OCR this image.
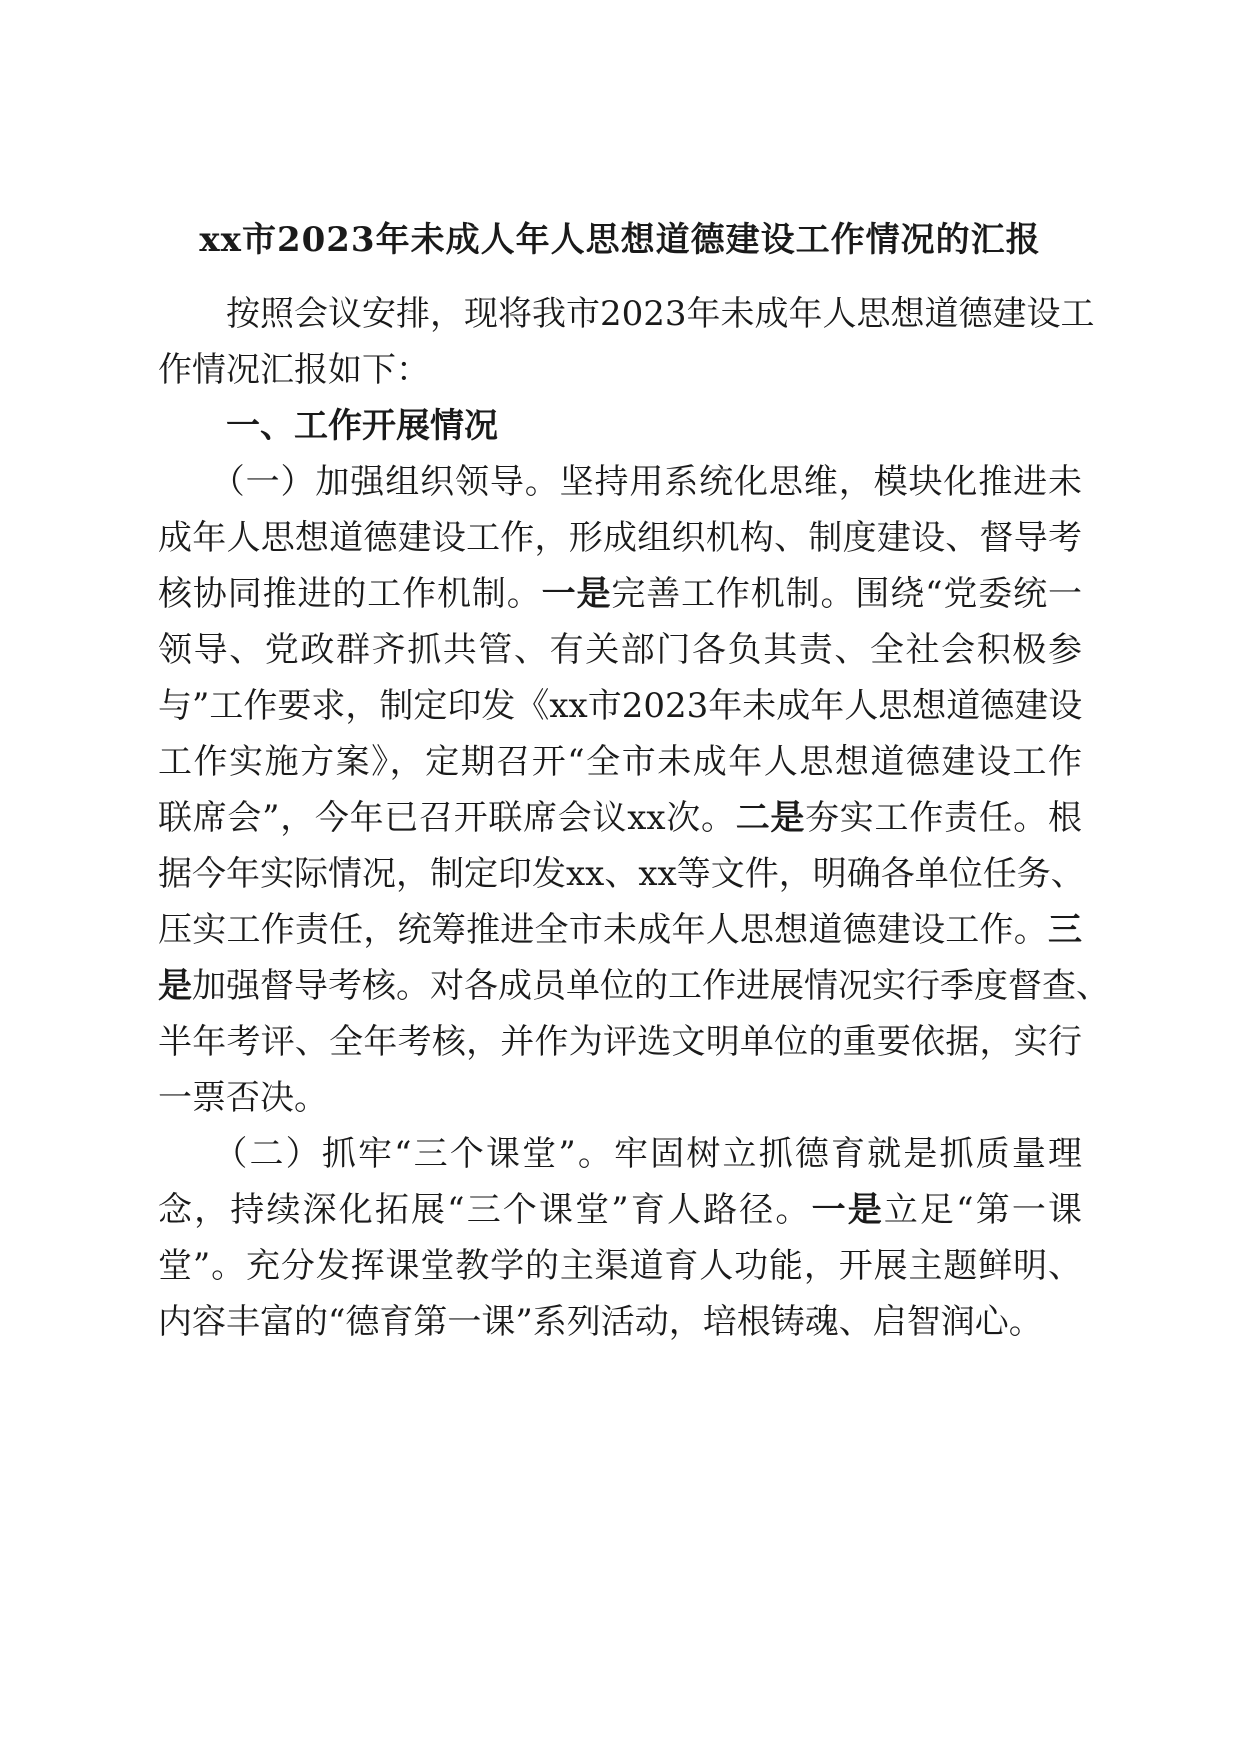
xx市2023年未成人年人思想道德建设工作情况的汇报
　　按照会议安排，现将我市2023年未成年人思想道德建设工
作情况汇报如下：
　　一、工作开展情况
　　（一）加强组织领导。坚持用系统化思维，模块化推进未
成年人思想道德建设工作，形成组织机构、制度建设、督导考
核协同推进的工作机制。一是完善工作机制。围绕“党委统一
领导、党政群齐抓共管、有关部门各负其责、全社会积极参
与”工作要求，制定印发《xx市2023年未成年人思想道德建设
工作实施方案》，定期召开“全市未成年人思想道德建设工作
联席会”，今年已召开联席会议xx次。二是夯实工作责任。根
据今年实际情况，制定印发xx、xx等文件，明确各单位任务、
压实工作责任，统筹推进全市未成年人思想道德建设工作。三
是加强督导考核。对各成员单位的工作进展情况实行季度督查、
半年考评、全年考核，并作为评选文明单位的重要依据，实行
一票否决。
　　（二）抓牢“三个课堂”。牢固树立抓德育就是抓质量理
念，持续深化拓展“三个课堂”育人路径。一是立足“第一课
堂”。充分发挥课堂教学的主渠道育人功能，开展主题鲜明、
内容丰富的“德育第一课”系列活动，培根铸魂、启智润心。
